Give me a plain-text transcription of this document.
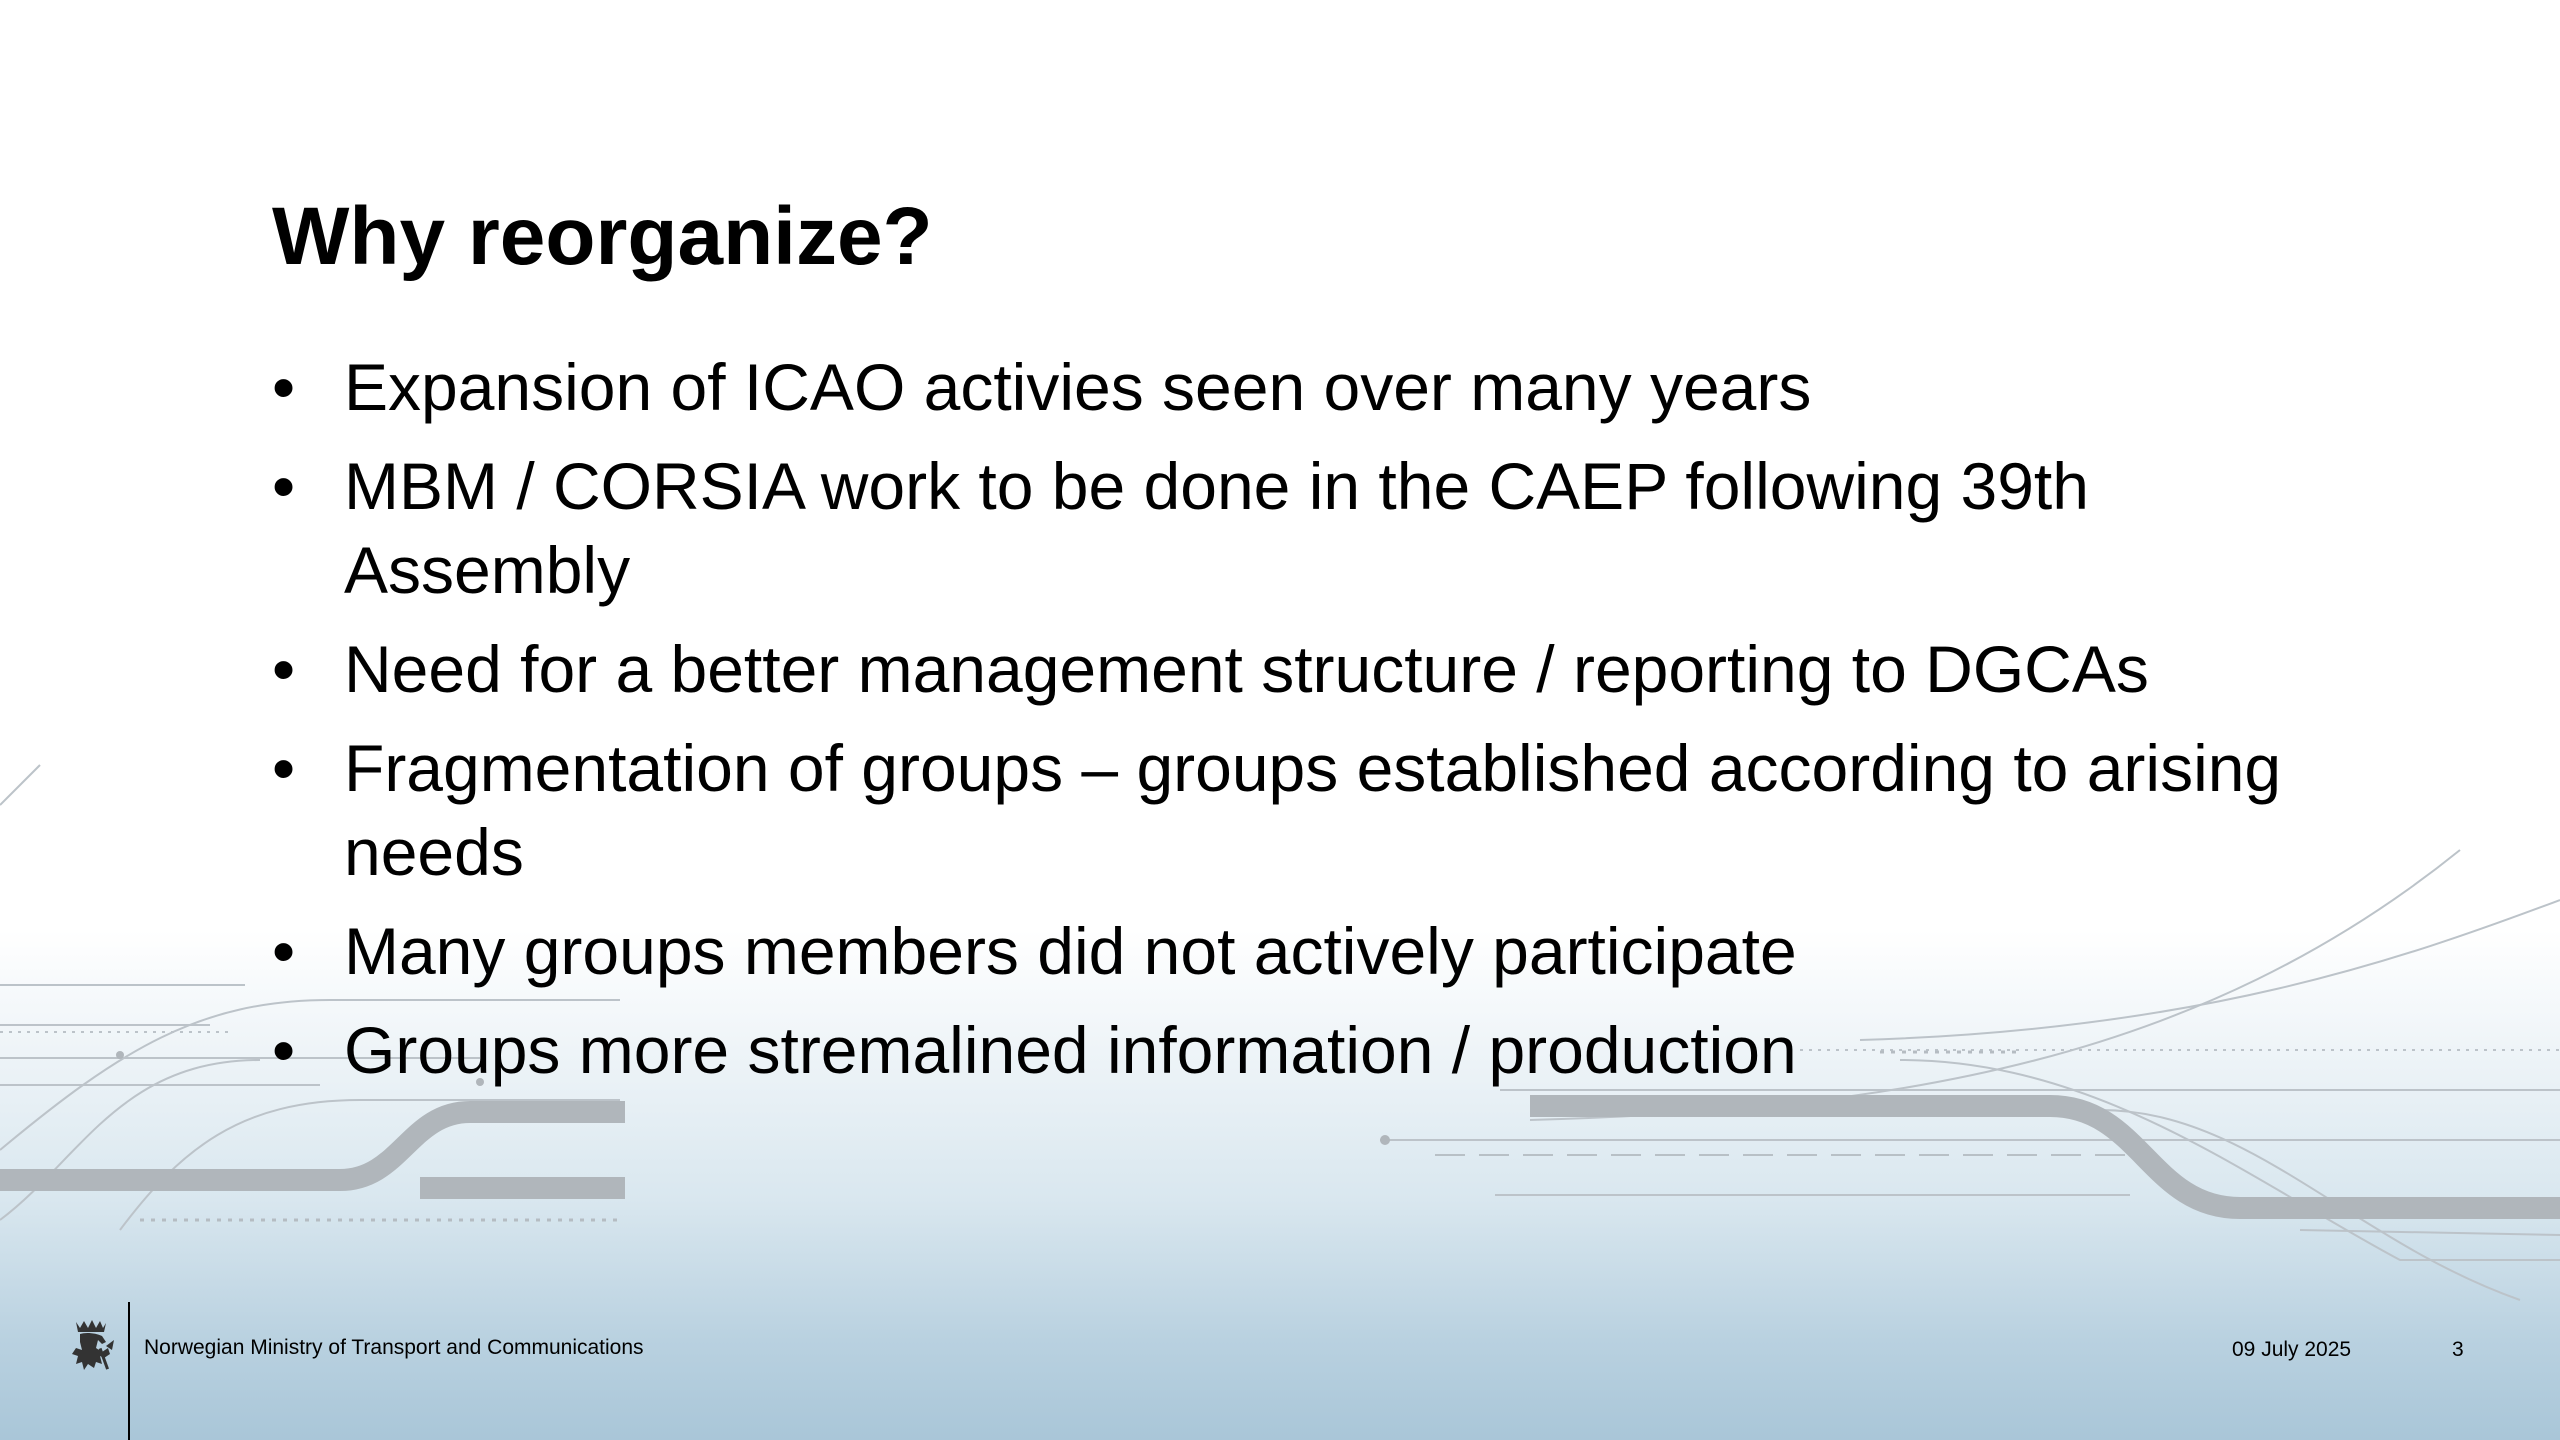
Why reorganize?
• Expansion of ICAO activies seen over many years
• MBM / CORSIA work to be done in the CAEP following 39th Assembly
• Need for a better management structure / reporting to DGCAs
• Fragmentation of groups – groups established according to arising needs
• Many groups members did not actively participate
• Groups more stremalined information / production
Norwegian Ministry of Transport and Communications	09 July 2025	3
